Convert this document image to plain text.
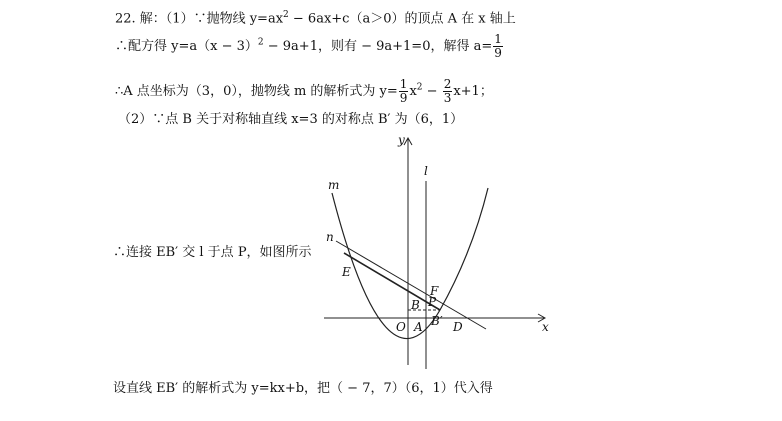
22. 解：（1）∵抛物线 $y=ax^2 - 6ax+c(a>0)$的顶点 A 在 x 轴上
∴配方得 $y=a(x - 3)^2 - 9a+1$，则有 − 9a+1=0，解得 $a= \frac{1}{9}$
∴A 点坐标为（3，0），抛物线 m 的解析式为 $y= \frac{1}{9} x^2 - \frac{2}{3} x+1$；
（2）∵点 B 关于对称轴直线 x=3 的对称点 B′ 为（6，1）
∴连接 EB′ 交 l 于点 P，如图所示
设直线 EB′ 的解析式为 y=kx+b，把（ − 7，7）（6，1）代入得
y
x
l
m
n
E
F
P
B
B′
O A	D
